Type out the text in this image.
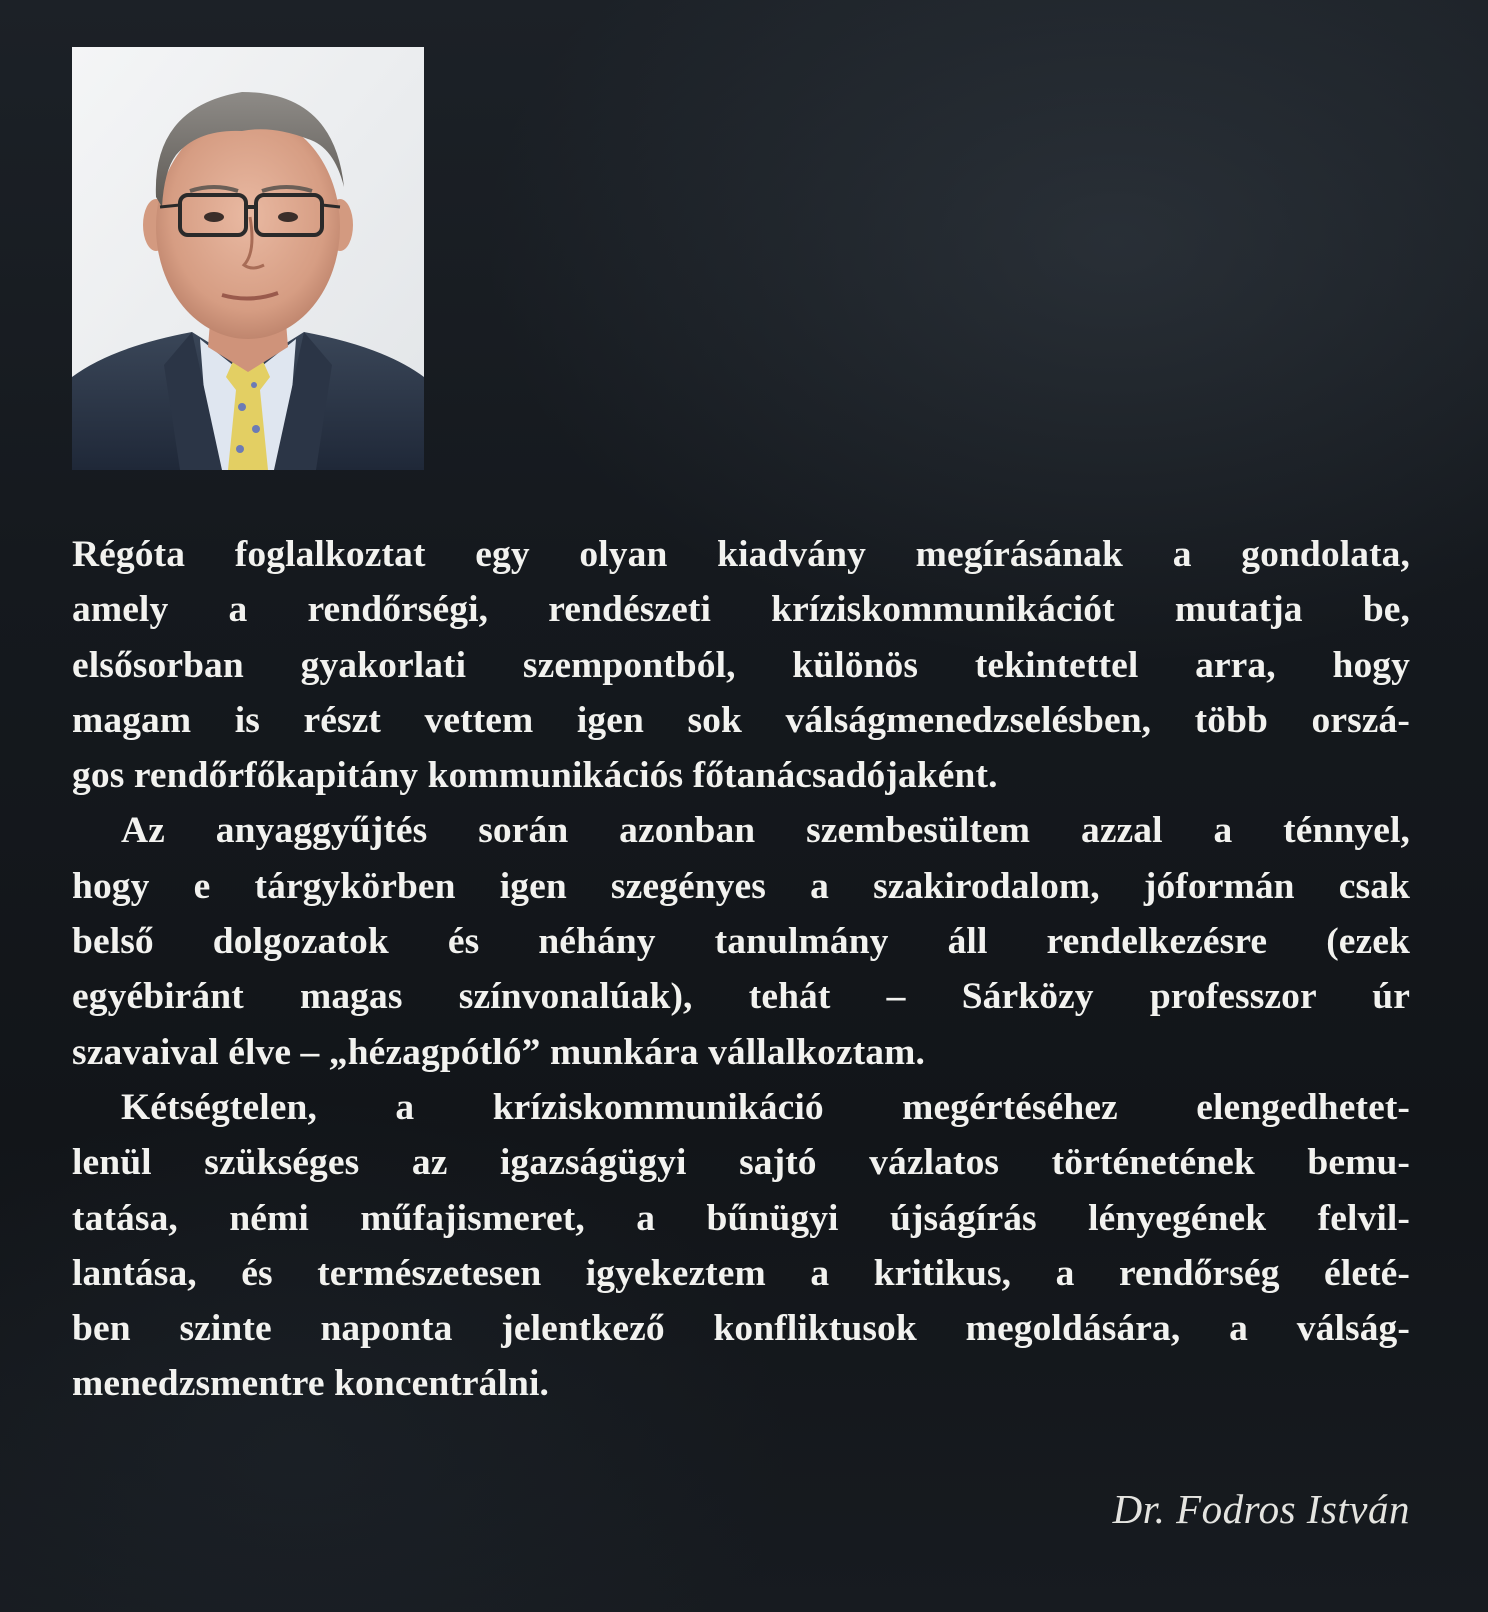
Régóta foglalkoztat egy olyan kiadvány megírásának a gondolata,
amely a rendőrségi, rendészeti kríziskommunikációt mutatja be,
elsősorban gyakorlati szempontból, különös tekintettel arra, hogy
magam is részt vettem igen sok válságmenedzselésben, több orszá-
gos rendőrfőkapitány kommunikációs főtanácsadójaként.

Az anyaggyűjtés során azonban szembesültem azzal a ténnyel,
hogy e tárgykörben igen szegényes a szakirodalom, jóformán csak
belső dolgozatok és néhány tanulmány áll rendelkezésre (ezek
egyébiránt magas színvonalúak), tehát – Sárközy professzor úr
szavaival élve – „hézagpótló” munkára vállalkoztam.

Kétségtelen, a kríziskommunikáció megértéséhez elengedhetet-
lenül szükséges az igazságügyi sajtó vázlatos történetének bemu-
tatása, némi műfajismeret, a bűnügyi újságírás lényegének felvil-
lantása, és természetesen igyekeztem a kritikus, a rendőrség életé-
ben szinte naponta jelentkező konfliktusok megoldására, a válság-
menedzsmentre koncentrálni.

Dr. Fodros István
